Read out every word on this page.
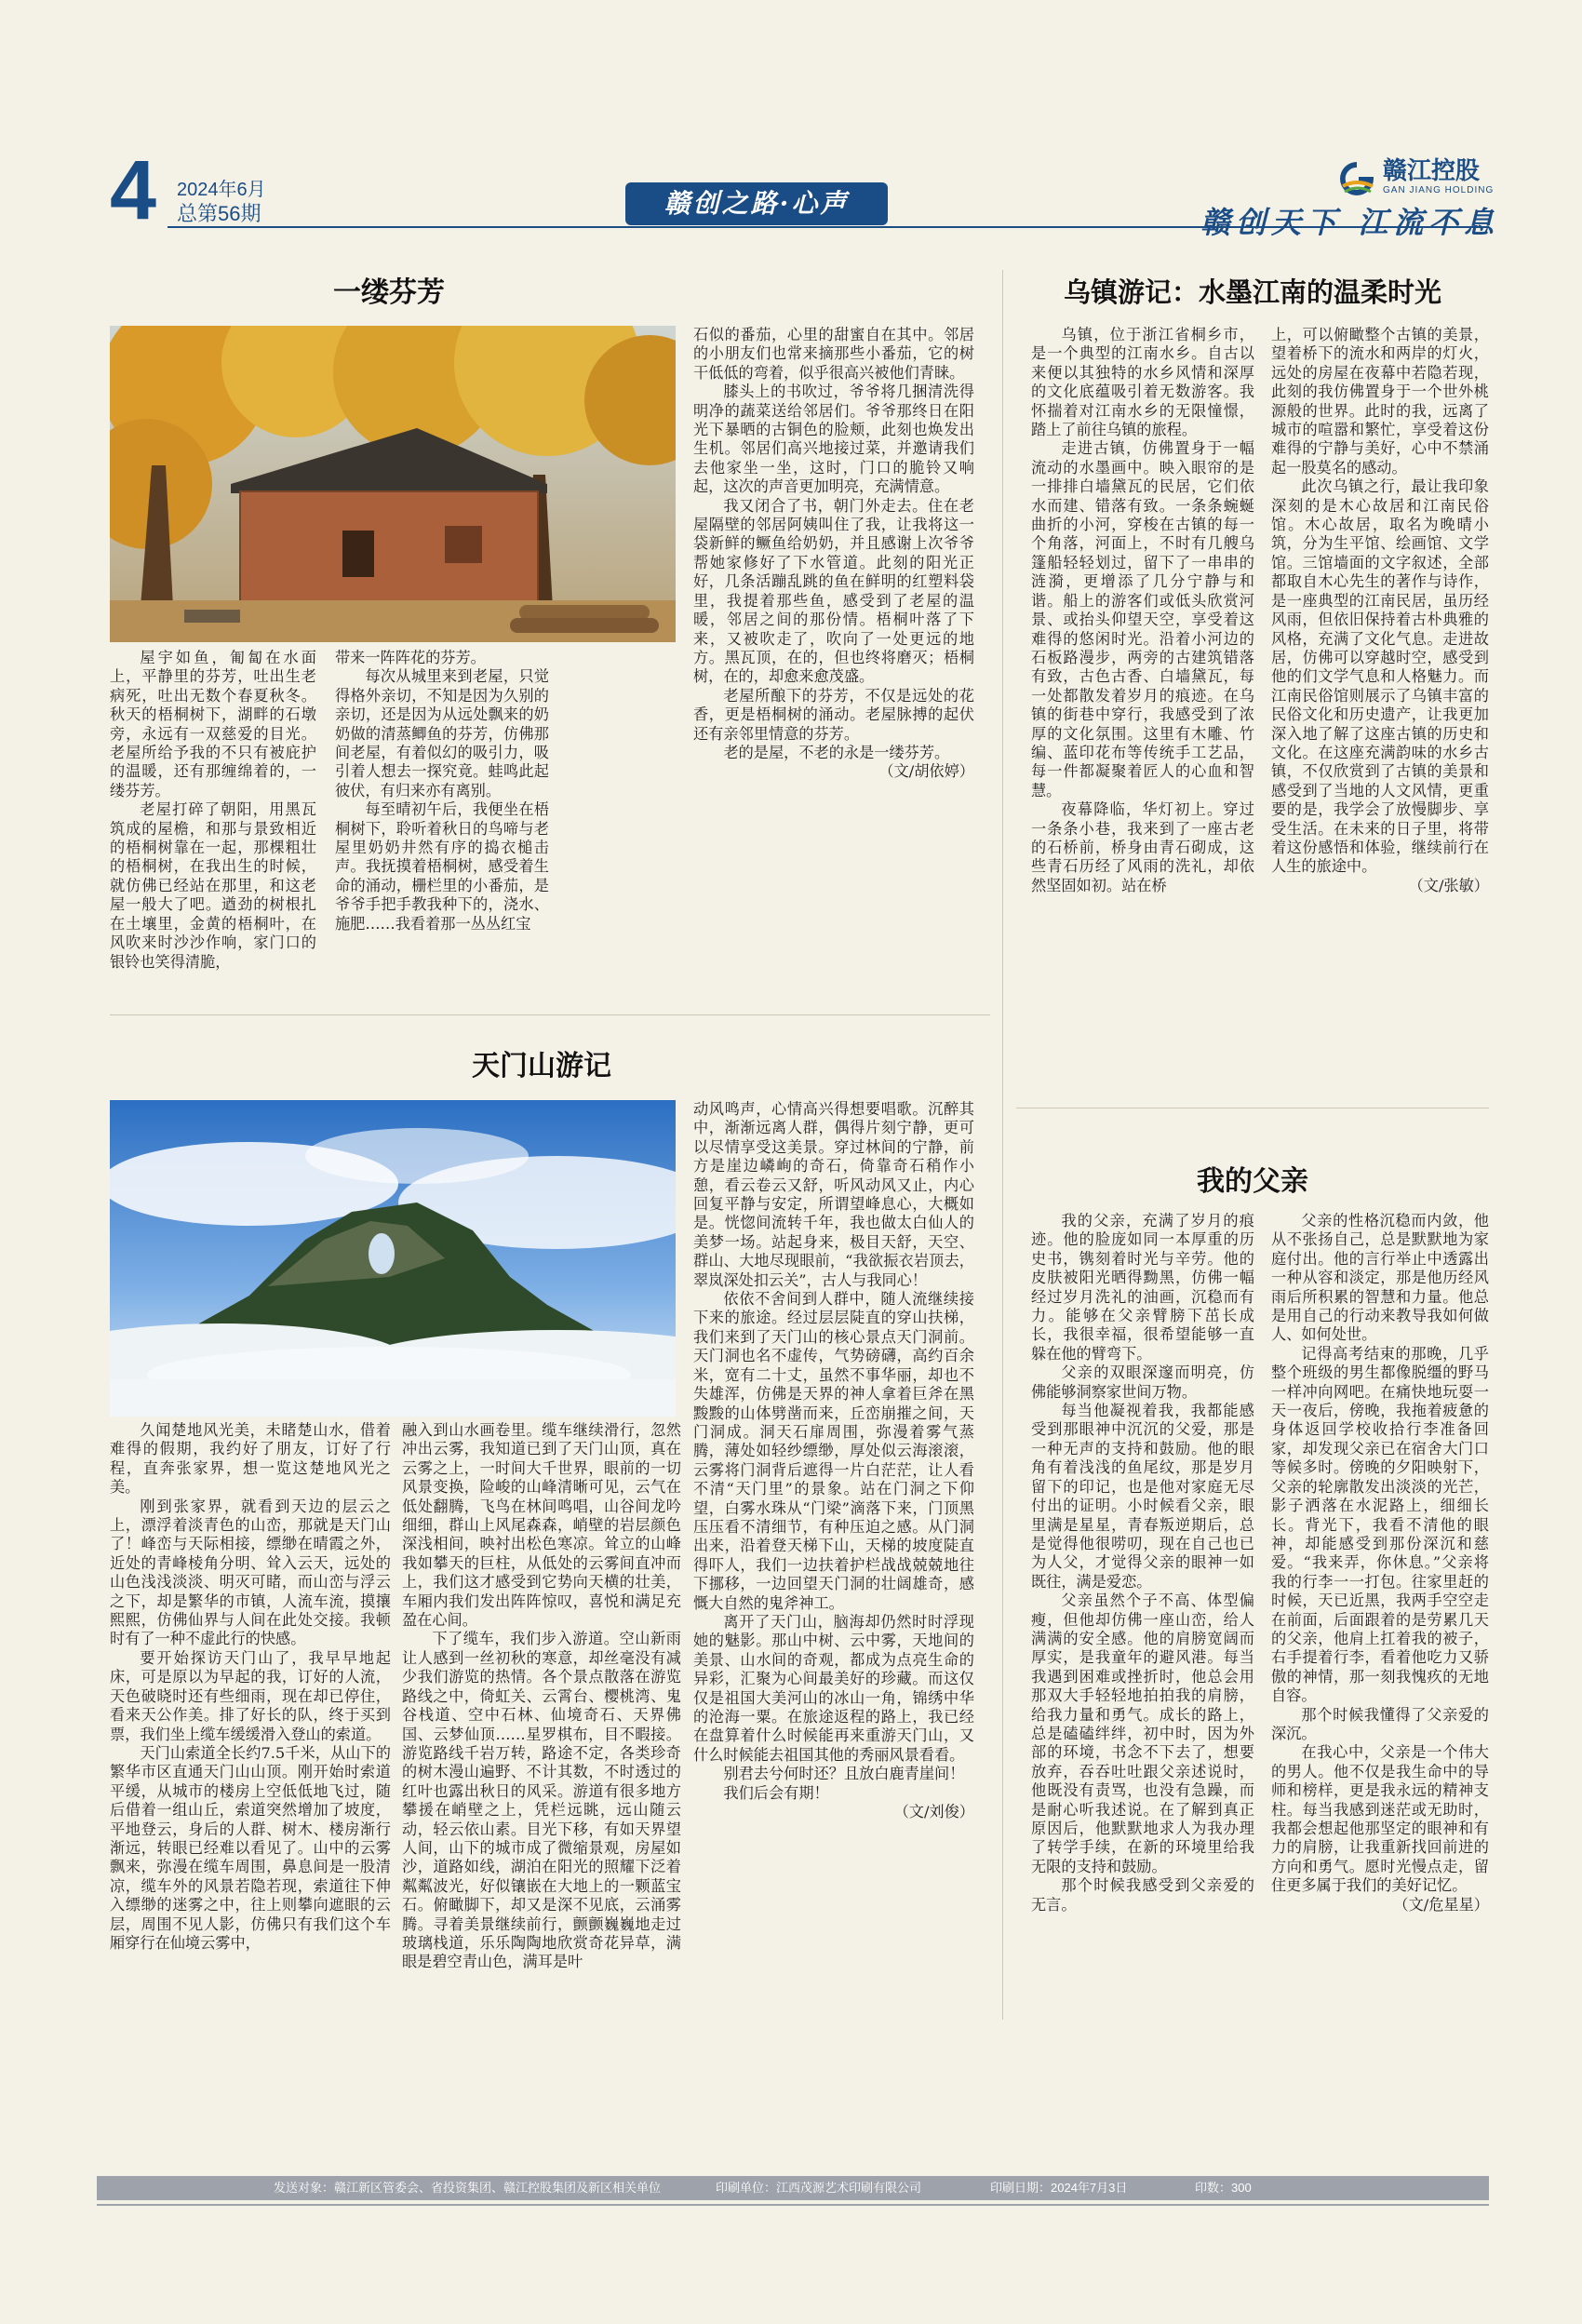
4 2024年6月
总第56期	赣创之路·心声
赣江控股
GAN JIANG HOLDING
赣创天下 江流不息
一缕芬芳

屋宇如鱼，匍匐在水面上，平静里的芬芳，吐出生老病死，吐出无数个春夏秋冬。秋天的梧桐树下，湖畔的石墩旁，永远有一双慈爱的目光。老屋所给予我的不只有被庇护的温暖，还有那缠绵着的，一缕芬芳。

老屋打碎了朝阳，用黑瓦筑成的屋檐，和那与景致相近的梧桐树靠在一起，那棵粗壮的梧桐树，在我出生的时候，就仿佛已经站在那里，和这老屋一般大了吧。遒劲的树根扎在土壤里，金黄的梧桐叶，在风吹来时沙沙作响，家门口的银铃也笑得清脆，

带来一阵阵花的芬芳。

每次从城里来到老屋，只觉得格外亲切，不知是因为久别的亲切，还是因为从远处飘来的奶奶做的清蒸鲫鱼的芬芳，仿佛那间老屋，有着似幻的吸引力，吸引着人想去一探究竟。蛙鸣此起彼伏，有归来亦有离别。

每至晴初午后，我便坐在梧桐树下，聆听着秋日的鸟啼与老屋里奶奶井然有序的捣衣槌击声。我抚摸着梧桐树，感受着生命的涌动，栅栏里的小番茄，是爷爷手把手教我种下的，浇水、施肥……我看着那一丛丛红宝

石似的番茄，心里的甜蜜自在其中。邻居的小朋友们也常来摘那些小番茄，它的树干低低的弯着，似乎很高兴被他们青睐。

膝头上的书吹过，爷爷将几捆清洗得明净的蔬菜送给邻居们。爷爷那终日在阳光下暴晒的古铜色的脸颊，此刻也焕发出生机。邻居们高兴地接过菜，并邀请我们去他家坐一坐，这时，门口的脆铃又响起，这次的声音更加明亮，充满情意。

我又闭合了书，朝门外走去。住在老屋隔壁的邻居阿姨叫住了我，让我将这一袋新鲜的鳜鱼给奶奶，并且感谢上次爷爷帮她家修好了下水管道。此刻的阳光正好，几条活蹦乱跳的鱼在鲜明的红塑料袋里，我提着那些鱼，感受到了老屋的温暖，邻居之间的那份情。梧桐叶落了下来，又被吹走了，吹向了一处更远的地方。黑瓦顶，在的，但也终将磨灭；梧桐树，在的，却愈来愈茂盛。

老屋所酿下的芬芳，不仅是远处的花香，更是梧桐树的涌动。老屋脉搏的起伏还有亲邻里情意的芬芳。

老的是屋，不老的永是一缕芬芳。

（文/胡依婷）
乌镇游记：水墨江南的温柔时光

乌镇，位于浙江省桐乡市，是一个典型的江南水乡。自古以来便以其独特的水乡风情和深厚的文化底蕴吸引着无数游客。我怀揣着对江南水乡的无限憧憬，踏上了前往乌镇的旅程。

走进古镇，仿佛置身于一幅流动的水墨画中。映入眼帘的是一排排白墙黛瓦的民居，它们依水而建、错落有致。一条条蜿蜒曲折的小河，穿梭在古镇的每一个角落，河面上，不时有几艘乌篷船轻轻划过，留下了一串串的涟漪，更增添了几分宁静与和谐。船上的游客们或低头欣赏河景、或抬头仰望天空，享受着这难得的悠闲时光。沿着小河边的石板路漫步，两旁的古建筑错落有致，古色古香、白墙黛瓦，每一处都散发着岁月的痕迹。在乌镇的街巷中穿行，我感受到了浓厚的文化氛围。这里有木雕、竹编、蓝印花布等传统手工艺品，每一件都凝聚着匠人的心血和智慧。

夜幕降临，华灯初上。穿过一条条小巷，我来到了一座古老的石桥前，桥身由青石砌成，这些青石历经了风雨的洗礼，却依然坚固如初。站在桥

上，可以俯瞰整个古镇的美景，望着桥下的流水和两岸的灯火，远处的房屋在夜幕中若隐若现，此刻的我仿佛置身于一个世外桃源般的世界。此时的我，远离了城市的喧嚣和繁忙，享受着这份难得的宁静与美好，心中不禁涌起一股莫名的感动。

此次乌镇之行，最让我印象深刻的是木心故居和江南民俗馆。木心故居，取名为晚晴小筑，分为生平馆、绘画馆、文学馆。三馆墙面的文字叙述，全部都取自木心先生的著作与诗作，是一座典型的江南民居，虽历经风雨，但依旧保持着古朴典雅的风格，充满了文化气息。走进故居，仿佛可以穿越时空，感受到他的们文学气息和人格魅力。而江南民俗馆则展示了乌镇丰富的民俗文化和历史遗产，让我更加深入地了解了这座古镇的历史和文化。在这座充满韵味的水乡古镇，不仅欣赏到了古镇的美景和感受到了当地的人文风情，更重要的是，我学会了放慢脚步、享受生活。在未来的日子里，将带着这份感悟和体验，继续前行在人生的旅途中。

（文/张敏）
天门山游记

久闻楚地风光美，未睹楚山水，借着难得的假期，我约好了朋友，订好了行程，直奔张家界，想一览这楚地风光之美。

刚到张家界，就看到天边的层云之上，漂浮着淡青色的山峦，那就是天门山了！峰峦与天际相接，缥缈在晴霞之外，近处的青峰棱角分明、耸入云天，远处的山色浅浅淡淡、明灭可睹，而山峦与浮云之下，却是繁华的市镇，人流车流，摸攘熙熙，仿佛仙界与人间在此处交接。我顿时有了一种不虚此行的快感。

要开始探访天门山了，我早早地起床，可是原以为早起的我，订好的人流，天色破晓时还有些细雨，现在却已停住，看来天公作美。排了好长的队，终于买到票，我们坐上缆车缓缓滑入登山的索道。

天门山索道全长约7.5千米，从山下的繁华市区直通天门山山顶。刚开始时索道平缓，从城市的楼房上空低低地飞过，随后借着一组山丘，索道突然增加了坡度，平地登云，身后的人群、树木、楼房渐行渐远，转眼已经难以看见了。山中的云雾飘来，弥漫在缆车周围，鼻息间是一股清凉，缆车外的风景若隐若现，索道往下伸入缥缈的迷雾之中，往上则攀向遮眼的云层，周围不见人影，仿佛只有我们这个车厢穿行在仙境云雾中，

融入到山水画卷里。缆车继续滑行，忽然冲出云雾，我知道已到了天门山顶，真在云雾之上，一时间大千世界，眼前的一切风景变换，险峻的山峰清晰可见，云气在低处翻腾，飞鸟在林间鸣唱，山谷间龙吟细细，群山上风尾森森，峭壁的岩层颜色深浅相间，映衬出松色寒凉。耸立的山峰我如攀天的巨柱，从低处的云雾间直冲而上，我们这才感受到它势向天横的壮美，车厢内我们发出阵阵惊叹，喜悦和满足充盈在心间。

下了缆车，我们步入游道。空山新雨让人感到一丝初秋的寒意，却丝毫没有减少我们游览的热情。各个景点散落在游览路线之中，倚虹关、云霄台、樱桃湾、鬼谷栈道、空中石林、仙境奇石、天界佛国、云梦仙顶……星罗棋布，目不暇接。游览路线千岩万转，路途不定，各类珍奇的树木漫山遍野、不计其数，不时透过的红叶也露出秋日的风采。游道有很多地方攀援在峭壁之上，凭栏远眺，远山随云动，轻云依山素。目光下移，有如天界望人间，山下的城市成了微缩景观，房屋如沙，道路如线，湖泊在阳光的照耀下泛着粼粼波光，好似镶嵌在大地上的一颗蓝宝石。俯瞰脚下，却又是深不见底，云涌雾腾。寻着美景继续前行，颤颤巍巍地走过玻璃栈道，乐乐陶陶地欣赏奇花异草，满眼是碧空青山色，满耳是叶

动风鸣声，心情高兴得想要唱歌。沉醉其中，渐渐远离人群，偶得片刻宁静，更可以尽情享受这美景。穿过林间的宁静，前方是崖边嶙峋的奇石，倚靠奇石稍作小憩，看云卷云又舒，听风动风又止，内心回复平静与安定，所谓望峰息心，大概如是。恍惚间流转千年，我也做太白仙人的美梦一场。站起身来，极目天舒，天空、群山、大地尽现眼前，“我欲振衣岩顶去，翠岚深处扣云关”，古人与我同心！

依依不舍间到人群中，随人流继续接下来的旅途。经过层层陡直的穿山扶梯，我们来到了天门山的核心景点天门洞前。天门洞也名不虚传，气势磅礴，高约百余米，宽有二十丈，虽然不事华丽，却也不失雄浑，仿佛是天界的神人拿着巨斧在黑黢黢的山体劈凿而来，丘峦崩摧之间，天门洞成。洞天石扉周围，弥漫着雾气蒸腾，薄处如轻纱缥缈，厚处似云海滚滚，云雾将门洞背后遮得一片白茫茫，让人看不清“天门里”的景象。站在门洞之下仰望，白雾水珠从“门梁”滴落下来，门顶黑压压看不清细节，有种压迫之感。从门洞出来，沿着登天梯下山，天梯的坡度陡直得吓人，我们一边扶着护栏战战兢兢地往下挪移，一边回望天门洞的壮阔雄奇，感慨大自然的鬼斧神工。

离开了天门山，脑海却仍然时时浮现她的魅影。那山中树、云中雾，天地间的美景、山水间的奇观，都成为点亮生命的异彩，汇聚为心间最美好的珍藏。而这仅仅是祖国大美河山的冰山一角，锦绣中华的沧海一粟。在旅途返程的路上，我已经在盘算着什么时候能再来重游天门山，又什么时候能去祖国其他的秀丽风景看看。

别君去兮何时还？且放白鹿青崖间！

我们后会有期！

（文/刘俊）
我的父亲

我的父亲，充满了岁月的痕迹。他的脸庞如同一本厚重的历史书，镌刻着时光与辛劳。他的皮肤被阳光晒得黝黑，仿佛一幅经过岁月洗礼的油画，沉稳而有力。能够在父亲臂膀下茁长成长，我很幸福，很希望能够一直躲在他的臂弯下。

父亲的双眼深邃而明亮，仿佛能够洞察家世间万物。

每当他凝视着我，我都能感受到那眼神中沉沉的父爱，那是一种无声的支持和鼓励。他的眼角有着浅浅的鱼尾纹，那是岁月留下的印记，也是他对家庭无尽付出的证明。小时候看父亲，眼里满是星星，青春叛逆期后，总是觉得他很唠叨，现在自己也已为人父，才觉得父亲的眼神一如既往，满是爱恋。

父亲虽然个子不高、体型偏瘦，但他却仿佛一座山峦，给人满满的安全感。他的肩膀宽阔而厚实，是我童年的避风港。每当我遇到困难或挫折时，他总会用那双大手轻轻地拍拍我的肩膀，给我力量和勇气。成长的路上，总是磕磕绊绊，初中时，因为外部的环境，书念不下去了，想要放弃，吞吞吐吐跟父亲述说时，他既没有责骂，也没有急躁，而是耐心听我述说。在了解到真正原因后，他默默地求人为我办理了转学手续，在新的环境里给我无限的支持和鼓励。

那个时候我感受到父亲爱的无言。

父亲的性格沉稳而内敛，他从不张扬自己，总是默默地为家庭付出。他的言行举止中透露出一种从容和淡定，那是他历经风雨后所积累的智慧和力量。他总是用自己的行动来教导我如何做人、如何处世。

记得高考结束的那晚，几乎整个班级的男生都像脱缰的野马一样冲向网吧。在痛快地玩耍一天一夜后，傍晚，我拖着疲惫的身体返回学校收拾行李准备回家，却发现父亲已在宿舍大门口等候多时。傍晚的夕阳映射下，父亲的轮廓散发出淡淡的光芒，影子洒落在水泥路上，细细长长。背光下，我看不清他的眼神，却能感受到那份深沉和慈爱。“我来弄，你休息。”父亲将我的行李一一打包。往家里赶的时候，天已近黑，我两手空空走在前面，后面跟着的是劳累几天的父亲，他肩上扛着我的被子，右手提着行李，看着他吃力又骄傲的神情，那一刻我愧疚的无地自容。

那个时候我懂得了父亲爱的深沉。

在我心中，父亲是一个伟大的男人。他不仅是我生命中的导师和榜样，更是我永远的精神支柱。每当我感到迷茫或无助时，我都会想起他那坚定的眼神和有力的肩膀，让我重新找回前进的方向和勇气。愿时光慢点走，留住更多属于我们的美好记忆。

（文/危星星）
发送对象：赣江新区管委会、省投资集团、赣江控股集团及新区相关单位	印刷单位：江西茂源艺术印刷有限公司	印刷日期：2024年7月3日	印数：300
